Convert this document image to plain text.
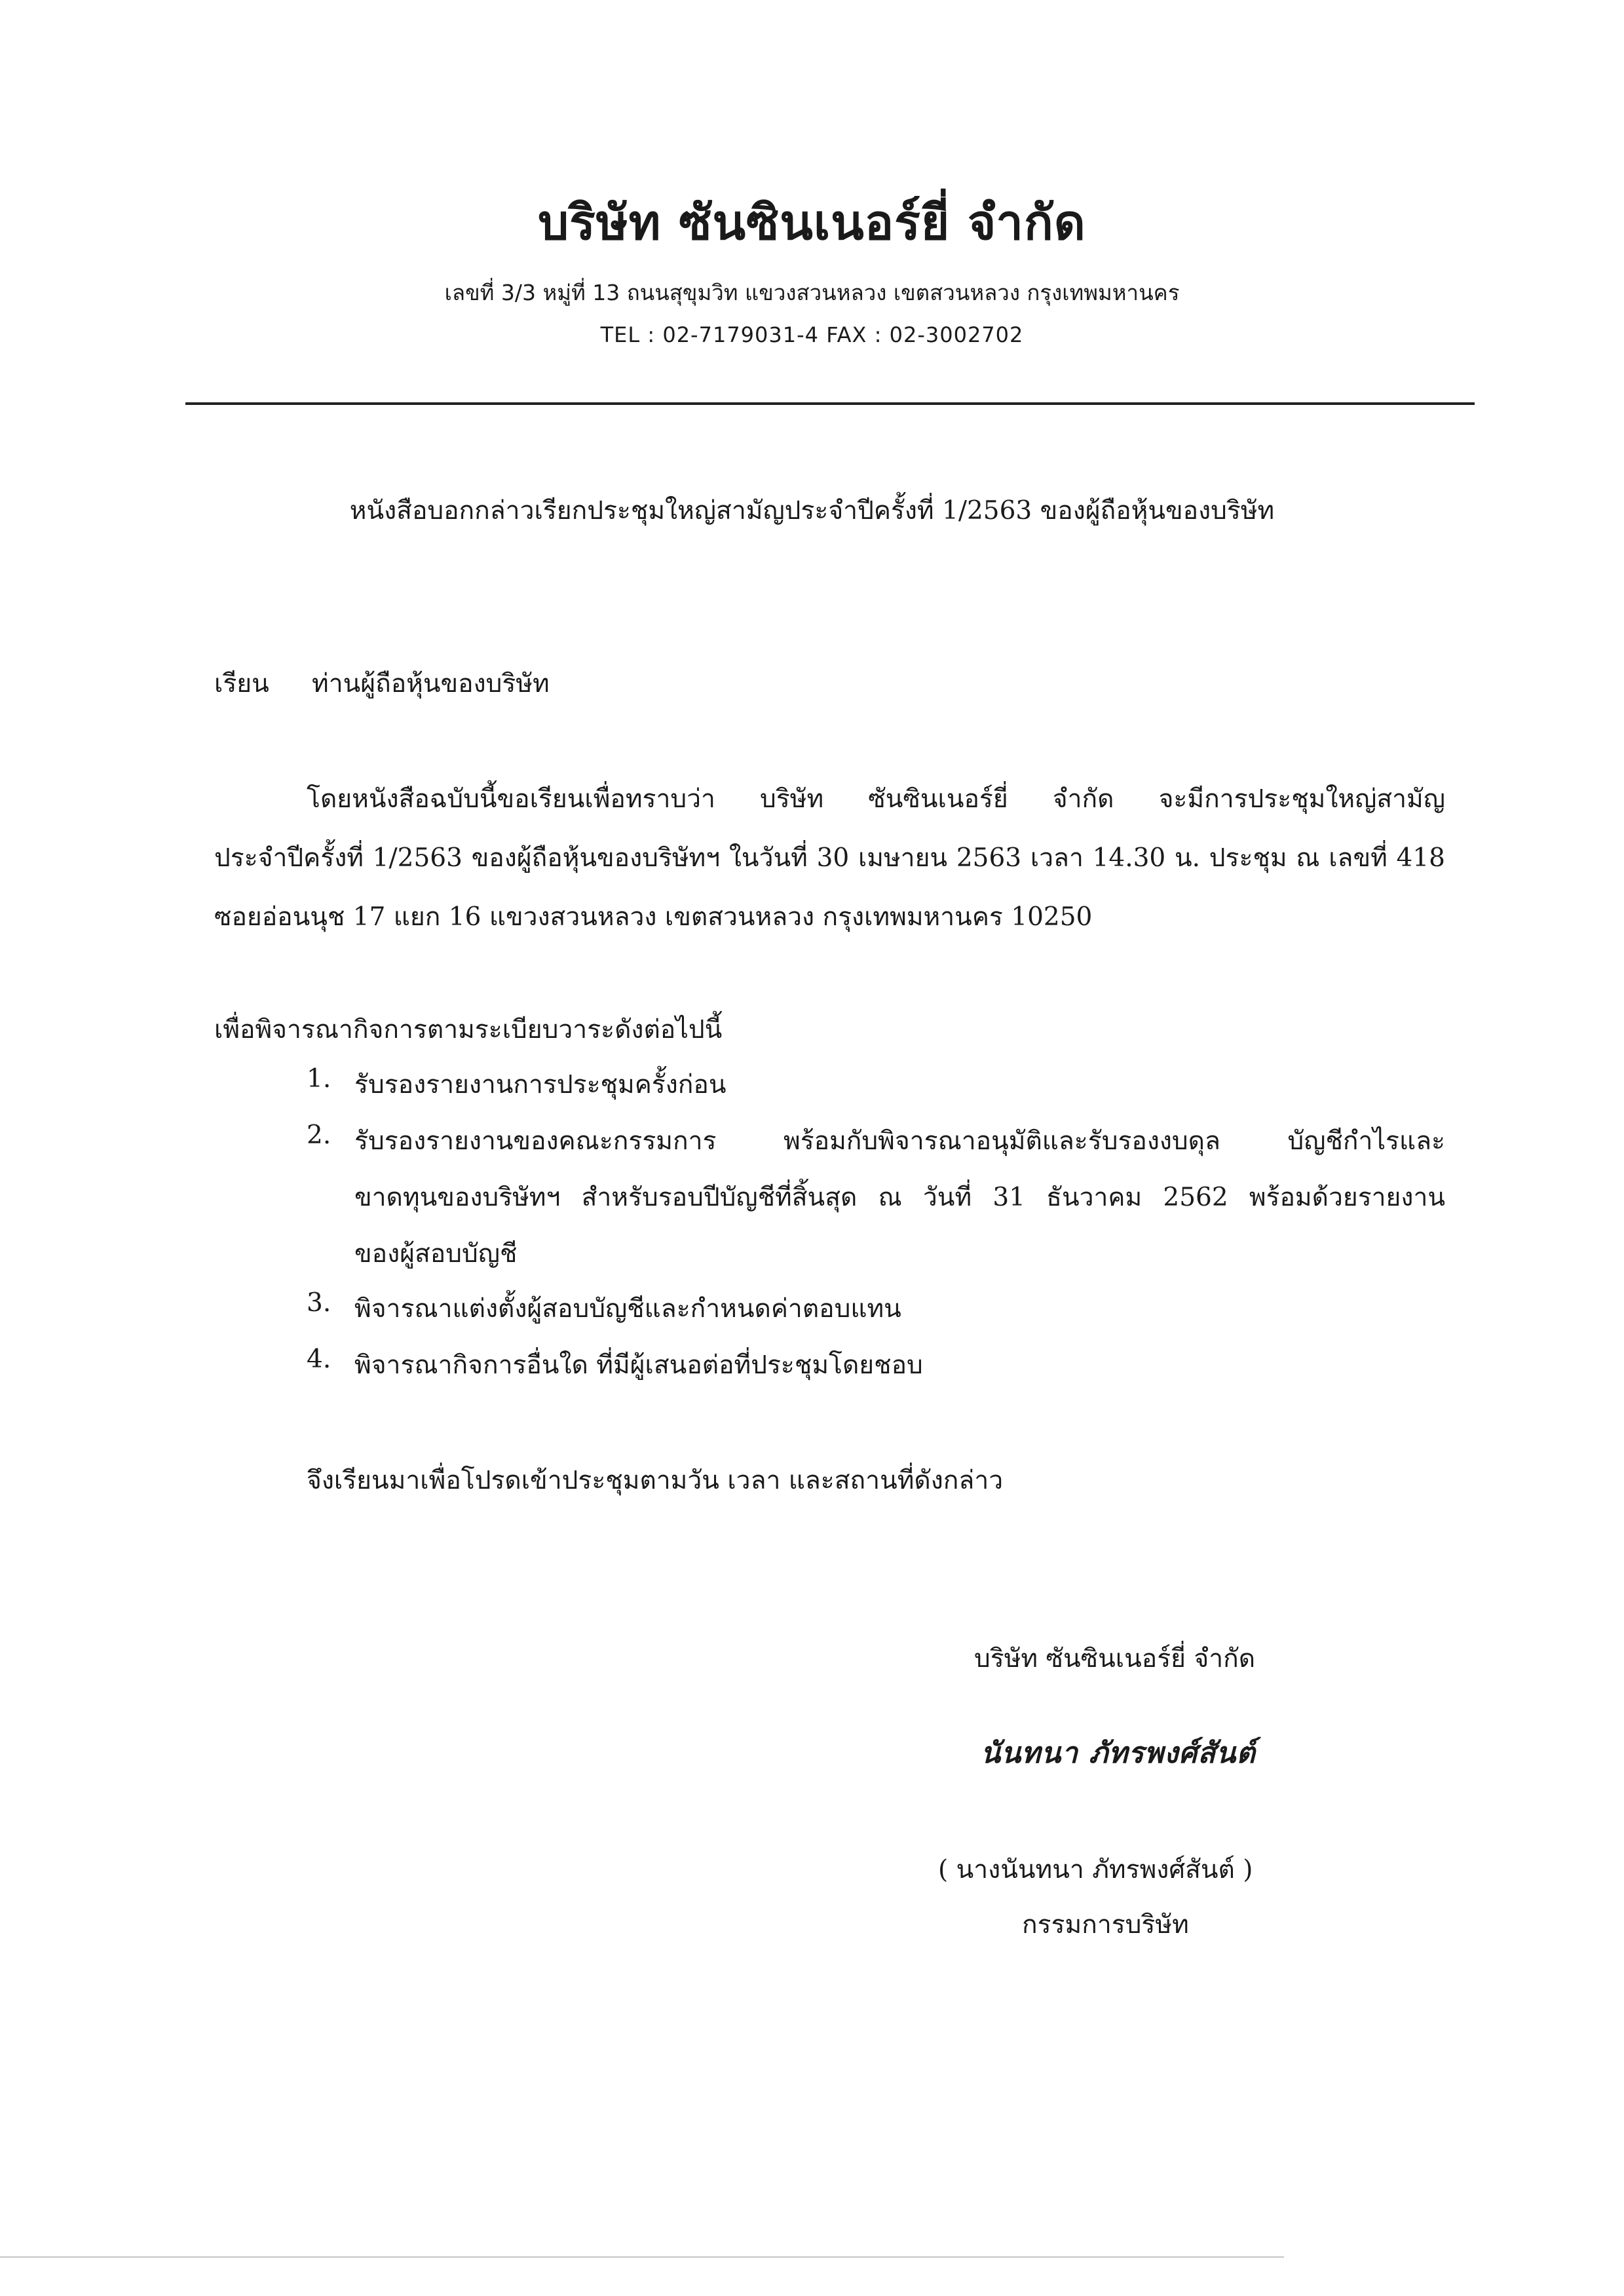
บริษัท ซันซินเนอร์ยี่ จำกัด
เลขที่ 3/3 หมู่ที่ 13 ถนนสุขุมวิท แขวงสวนหลวง เขตสวนหลวง กรุงเทพมหานคร
TEL : 02-7179031-4 FAX : 02-3002702
หนังสือบอกกล่าวเรียกประชุมใหญ่สามัญประจำปีครั้งที่ 1/2563 ของผู้ถือหุ้นของบริษัท
เรียน ท่านผู้ถือหุ้นของบริษัท
โดยหนังสือฉบับนี้ขอเรียนเพื่อทราบว่า บริษัท ซันซินเนอร์ยี่ จำกัด จะมีการประชุมใหญ่สามัญ
ประจำปีครั้งที่ 1/2563 ของผู้ถือหุ้นของบริษัทฯ ในวันที่ 30 เมษายน 2563 เวลา 14.30 น. ประชุม ณ เลขที่ 418
ซอยอ่อนนุช 17 แยก 16 แขวงสวนหลวง เขตสวนหลวง กรุงเทพมหานคร 10250
เพื่อพิจารณากิจการตามระเบียบวาระดังต่อไปนี้
1. รับรองรายงานการประชุมครั้งก่อน
2. รับรองรายงานของคณะกรรมการ พร้อมกับพิจารณาอนุมัติและรับรองงบดุล บัญชีกำไรและ
ขาดทุนของบริษัทฯ สำหรับรอบปีบัญชีที่สิ้นสุด ณ วันที่ 31 ธันวาคม 2562 พร้อมด้วยรายงาน
ของผู้สอบบัญชี
3. พิจารณาแต่งตั้งผู้สอบบัญชีและกำหนดค่าตอบแทน
4. พิจารณากิจการอื่นใด ที่มีผู้เสนอต่อที่ประชุมโดยชอบ
จึงเรียนมาเพื่อโปรดเข้าประชุมตามวัน เวลา และสถานที่ดังกล่าว
บริษัท ซันซินเนอร์ยี่ จำกัด
นันทนา ภัทรพงศ์สันต์
( นางนันทนา ภัทรพงศ์สันต์ )
กรรมการบริษัท
